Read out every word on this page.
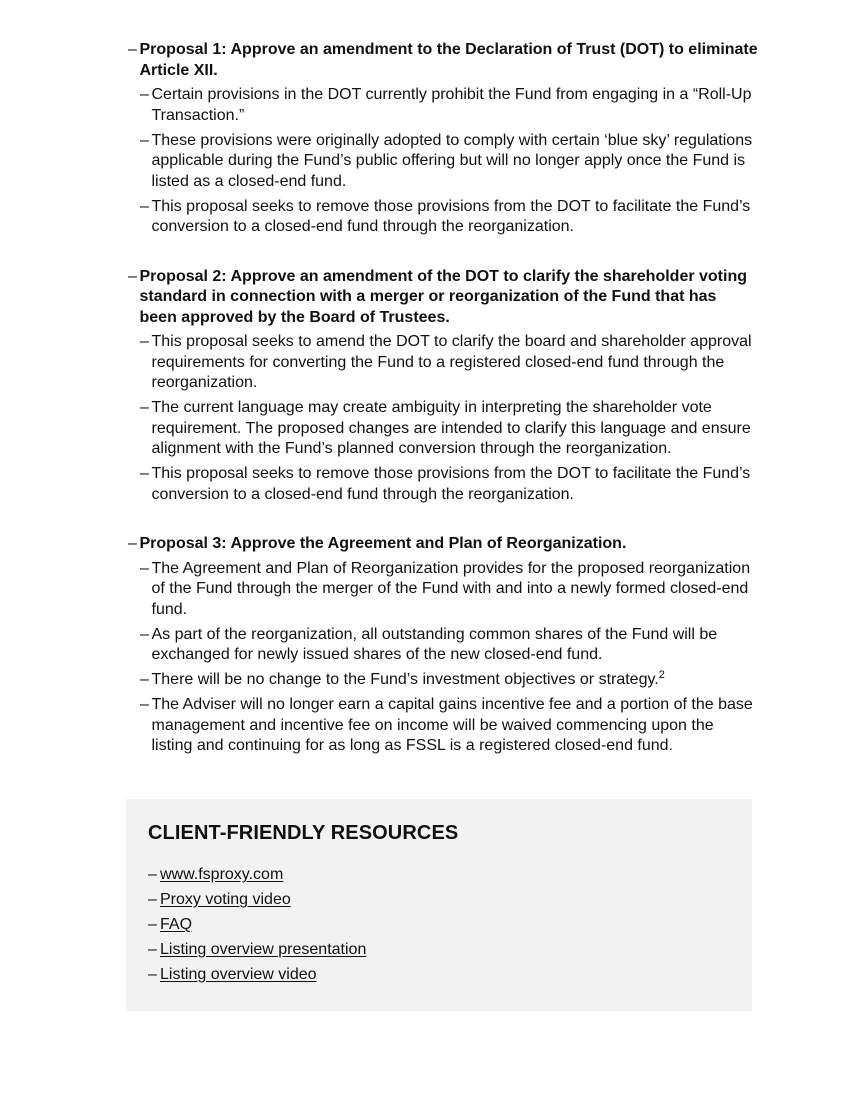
– Proposal 1: Approve an amendment to the Declaration of Trust (DOT) to eliminate Article XII.
– Certain provisions in the DOT currently prohibit the Fund from engaging in a “Roll-Up Transaction.”
– These provisions were originally adopted to comply with certain ‘blue sky’ regulations applicable during the Fund’s public offering but will no longer apply once the Fund is listed as a closed-end fund.
– This proposal seeks to remove those provisions from the DOT to facilitate the Fund’s conversion to a closed-end fund through the reorganization.
– Proposal 2: Approve an amendment of the DOT to clarify the shareholder voting standard in connection with a merger or reorganization of the Fund that has been approved by the Board of Trustees.
– This proposal seeks to amend the DOT to clarify the board and shareholder approval requirements for converting the Fund to a registered closed-end fund through the reorganization.
– The current language may create ambiguity in interpreting the shareholder vote requirement. The proposed changes are intended to clarify this language and ensure alignment with the Fund’s planned conversion through the reorganization.
– This proposal seeks to remove those provisions from the DOT to facilitate the Fund’s conversion to a closed-end fund through the reorganization.
– Proposal 3: Approve the Agreement and Plan of Reorganization.
– The Agreement and Plan of Reorganization provides for the proposed reorganization of the Fund through the merger of the Fund with and into a newly formed closed-end fund.
– As part of the reorganization, all outstanding common shares of the Fund will be exchanged for newly issued shares of the new closed-end fund.
– There will be no change to the Fund’s investment objectives or strategy.$^2$
– The Adviser will no longer earn a capital gains incentive fee and a portion of the base management and incentive fee on income will be waived commencing upon the listing and continuing for as long as FSSL is a registered closed-end fund.
CLIENT-FRIENDLY RESOURCES
– www.fsproxy.com
– Proxy voting video
– FAQ
– Listing overview presentation
– Listing overview video
